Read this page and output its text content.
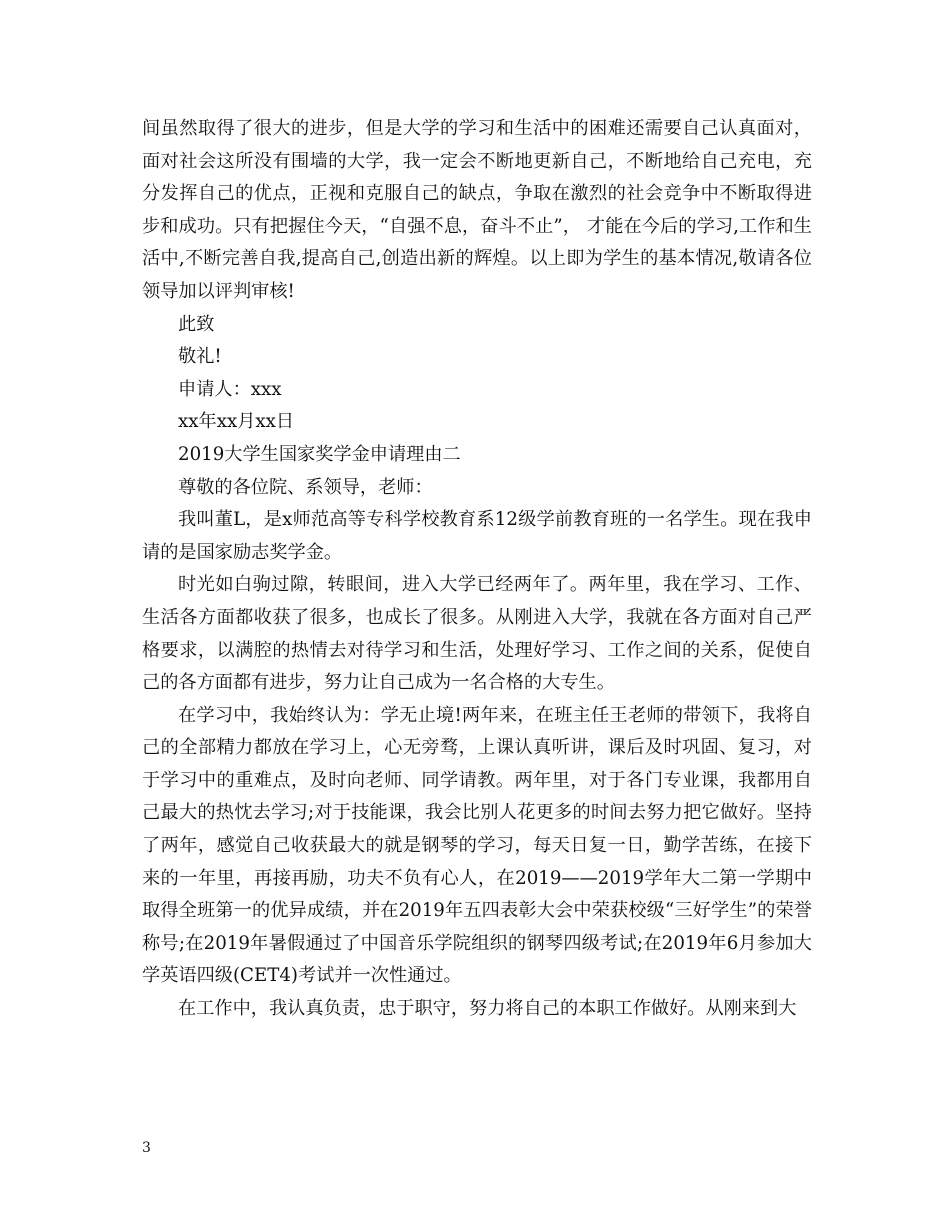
间虽然取得了很大的进步，但是大学的学习和生活中的困难还需要自己认真面对，面对社会这所没有围墙的大学，我一定会不断地更新自己，不断地给自己充电，充分发挥自己的优点，正视和克服自己的缺点，争取在激烈的社会竞争中不断取得进步和成功。只有把握住今天，“自强不息，奋斗不止”， 才能在今后的学习,工作和生活中,不断完善自我,提高自己,创造出新的辉煌。以上即为学生的基本情况,敬请各位领导加以评判审核!

此致

敬礼!

申请人：xxx

xx年xx月xx日

2019大学生国家奖学金申请理由二

尊敬的各位院、系领导，老师：

我叫董L，是x师范高等专科学校教育系12级学前教育班的一名学生。现在我申请的是国家励志奖学金。

时光如白驹过隙，转眼间，进入大学已经两年了。两年里，我在学习、工作、生活各方面都收获了很多，也成长了很多。从刚进入大学，我就在各方面对自己严格要求，以满腔的热情去对待学习和生活，处理好学习、工作之间的关系，促使自己的各方面都有进步，努力让自己成为一名合格的大专生。

在学习中，我始终认为：学无止境!两年来，在班主任王老师的带领下，我将自己的全部精力都放在学习上，心无旁骛，上课认真听讲，课后及时巩固、复习，对于学习中的重难点，及时向老师、同学请教。两年里，对于各门专业课，我都用自己最大的热忱去学习;对于技能课，我会比别人花更多的时间去努力把它做好。坚持了两年，感觉自己收获最大的就是钢琴的学习，每天日复一日，勤学苦练，在接下来的一年里，再接再励，功夫不负有心人，在2019——2019学年大二第一学期中取得全班第一的优异成绩，并在2019年五四表彰大会中荣获校级“三好学生”的荣誉称号;在2019年暑假通过了中国音乐学院组织的钢琴四级考试;在2019年6月参加大学英语四级(CET4)考试并一次性通过。

在工作中，我认真负责，忠于职守，努力将自己的本职工作做好。从刚来到大

3
